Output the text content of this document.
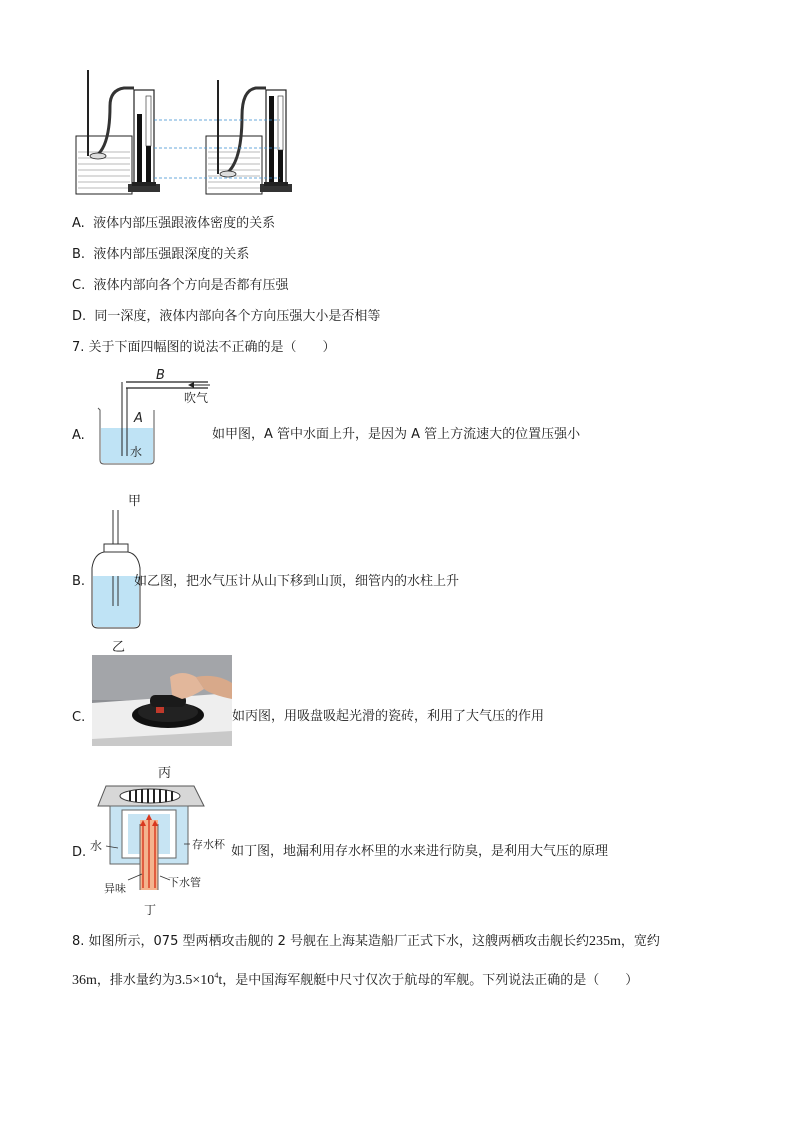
A. 液体内部压强跟液体密度的关系
B. 液体内部压强跟深度的关系
C. 液体内部向各个方向是否都有压强
D. 同一深度，液体内部向各个方向压强大小是否相等
7. 关于下面四幅图的说法不正确的是（　　）
B
吹气
A
水
A.	如甲图，A 管中水面上升，是因为 A 管上方流速大的位置压强小
甲
B.	如乙图，把水气压计从山下移到山顶，细管内的水柱上升
乙
C.	如丙图，用吸盘吸起光滑的瓷砖，利用了大气压的作用
丙
水	存水杯
异味	下水管
丁
D.	如丁图，地漏利用存水杯里的水来进行防臭，是利用大气压的原理
8. 如图所示，075 型两栖攻击舰的 2 号舰在上海某造船厂正式下水，这艘两栖攻击舰长约235m，宽约
36m，排水量约为$3.5\times 10^4t$，是中国海军舰艇中尺寸仅次于航母的军舰。下列说法正确的是（　　）
